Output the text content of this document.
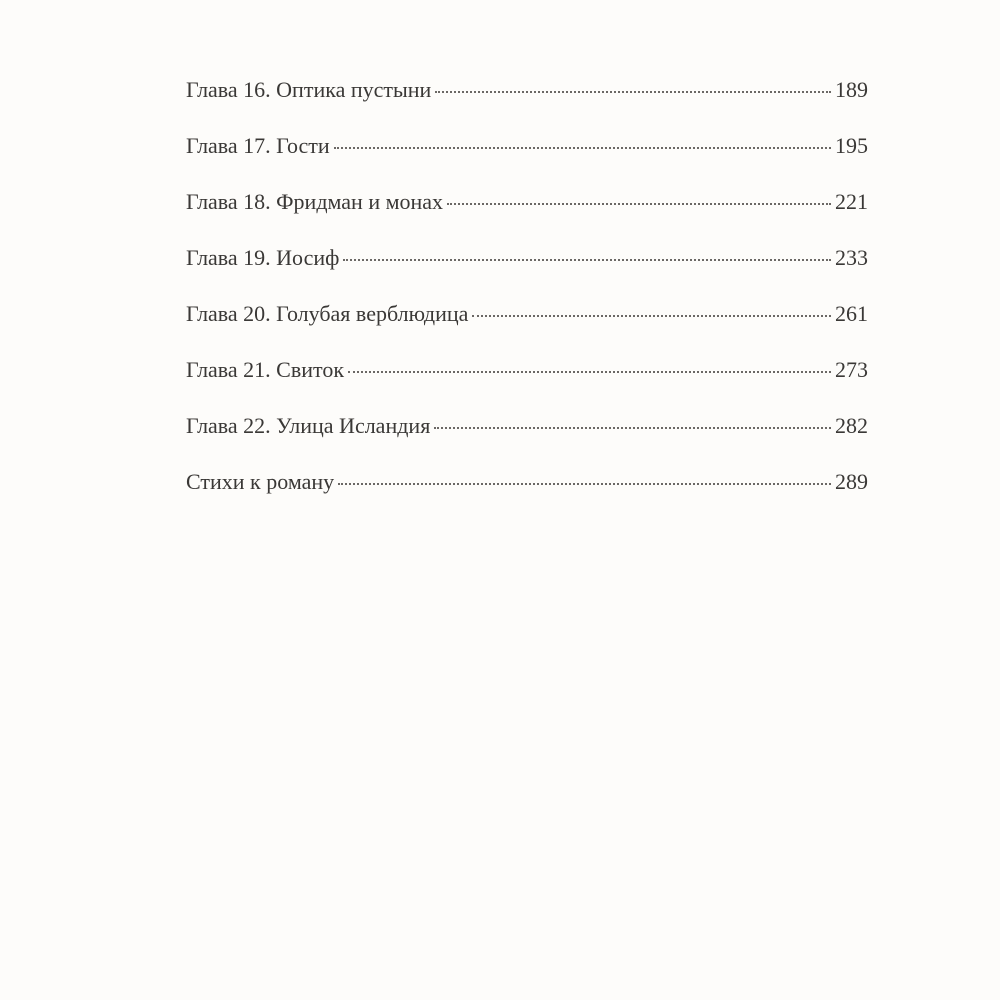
Глава 16. Оптика пустыни	189
Глава 17. Гости	195
Глава 18. Фридман и монах	221
Глава 19. Иосиф	233
Глава 20. Голубая верблюдица	261
Глава 21. Свиток	273
Глава 22. Улица Исландия	282
Стихи к роману	289
